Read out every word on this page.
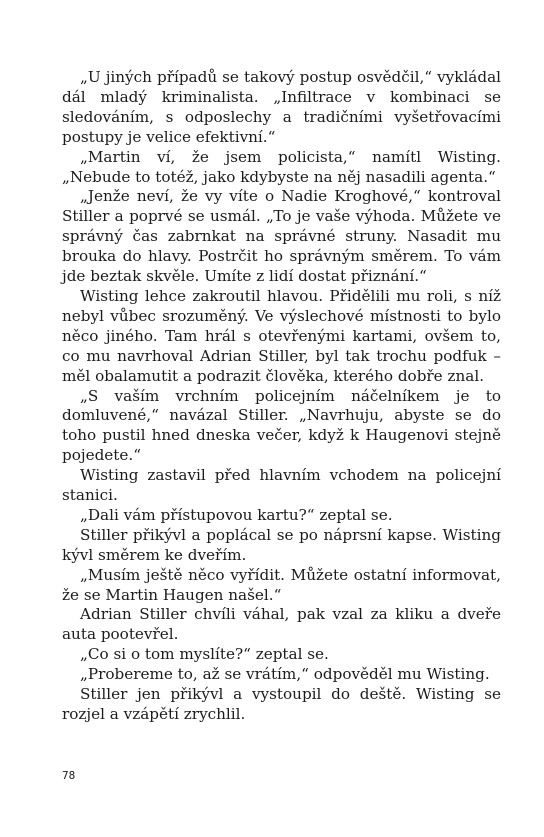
„U jiných případů se takový postup osvědčil,“ vykládal dál mladý kriminalista. „Infiltrace v kombinaci se sledováním, s odposlechy a tradičními vyšetřovacími postupy je velice efektivní.“

„Martin ví, že jsem policista,“ namítl Wisting. „Nebude to totéž, jako kdybyste na něj nasadili agenta.“

„Jenže neví, že vy víte o Nadie Kroghové,“ kontroval Stiller a poprvé se usmál. „To je vaše výhoda. Můžete ve správný čas zabrnkat na správné struny. Nasadit mu brouka do hlavy. Postrčit ho správným směrem. To vám jde beztak skvěle. Umíte z lidí dostat přiznání.“

Wisting lehce zakroutil hlavou. Přidělili mu roli, s níž nebyl vůbec srozuměný. Ve výslechové místnosti to bylo něco jiného. Tam hrál s otevřenými kartami, ovšem to, co mu navrhoval Adrian Stiller, byl tak trochu podfuk – měl obalamutit a podrazit člověka, kterého dobře znal.

„S vaším vrchním policejním náčelníkem je to domluvené,“ navázal Stiller. „Navrhuju, abyste se do toho pustil hned dneska večer, když k Haugenovi stejně pojedete.“

Wisting zastavil před hlavním vchodem na policejní stanici.

„Dali vám přístupovou kartu?“ zeptal se.

Stiller přikývl a poplácal se po náprsní kapse. Wisting kývl směrem ke dveřím.

„Musím ještě něco vyřídit. Můžete ostatní informovat, že se Martin Haugen našel.“

Adrian Stiller chvíli váhal, pak vzal za kliku a dveře auta pootevřel.

„Co si o tom myslíte?“ zeptal se.

„Probereme to, až se vrátím,“ odpověděl mu Wisting.

Stiller jen přikývl a vystoupil do deště. Wisting se rozjel a vzápětí zrychlil.

78
